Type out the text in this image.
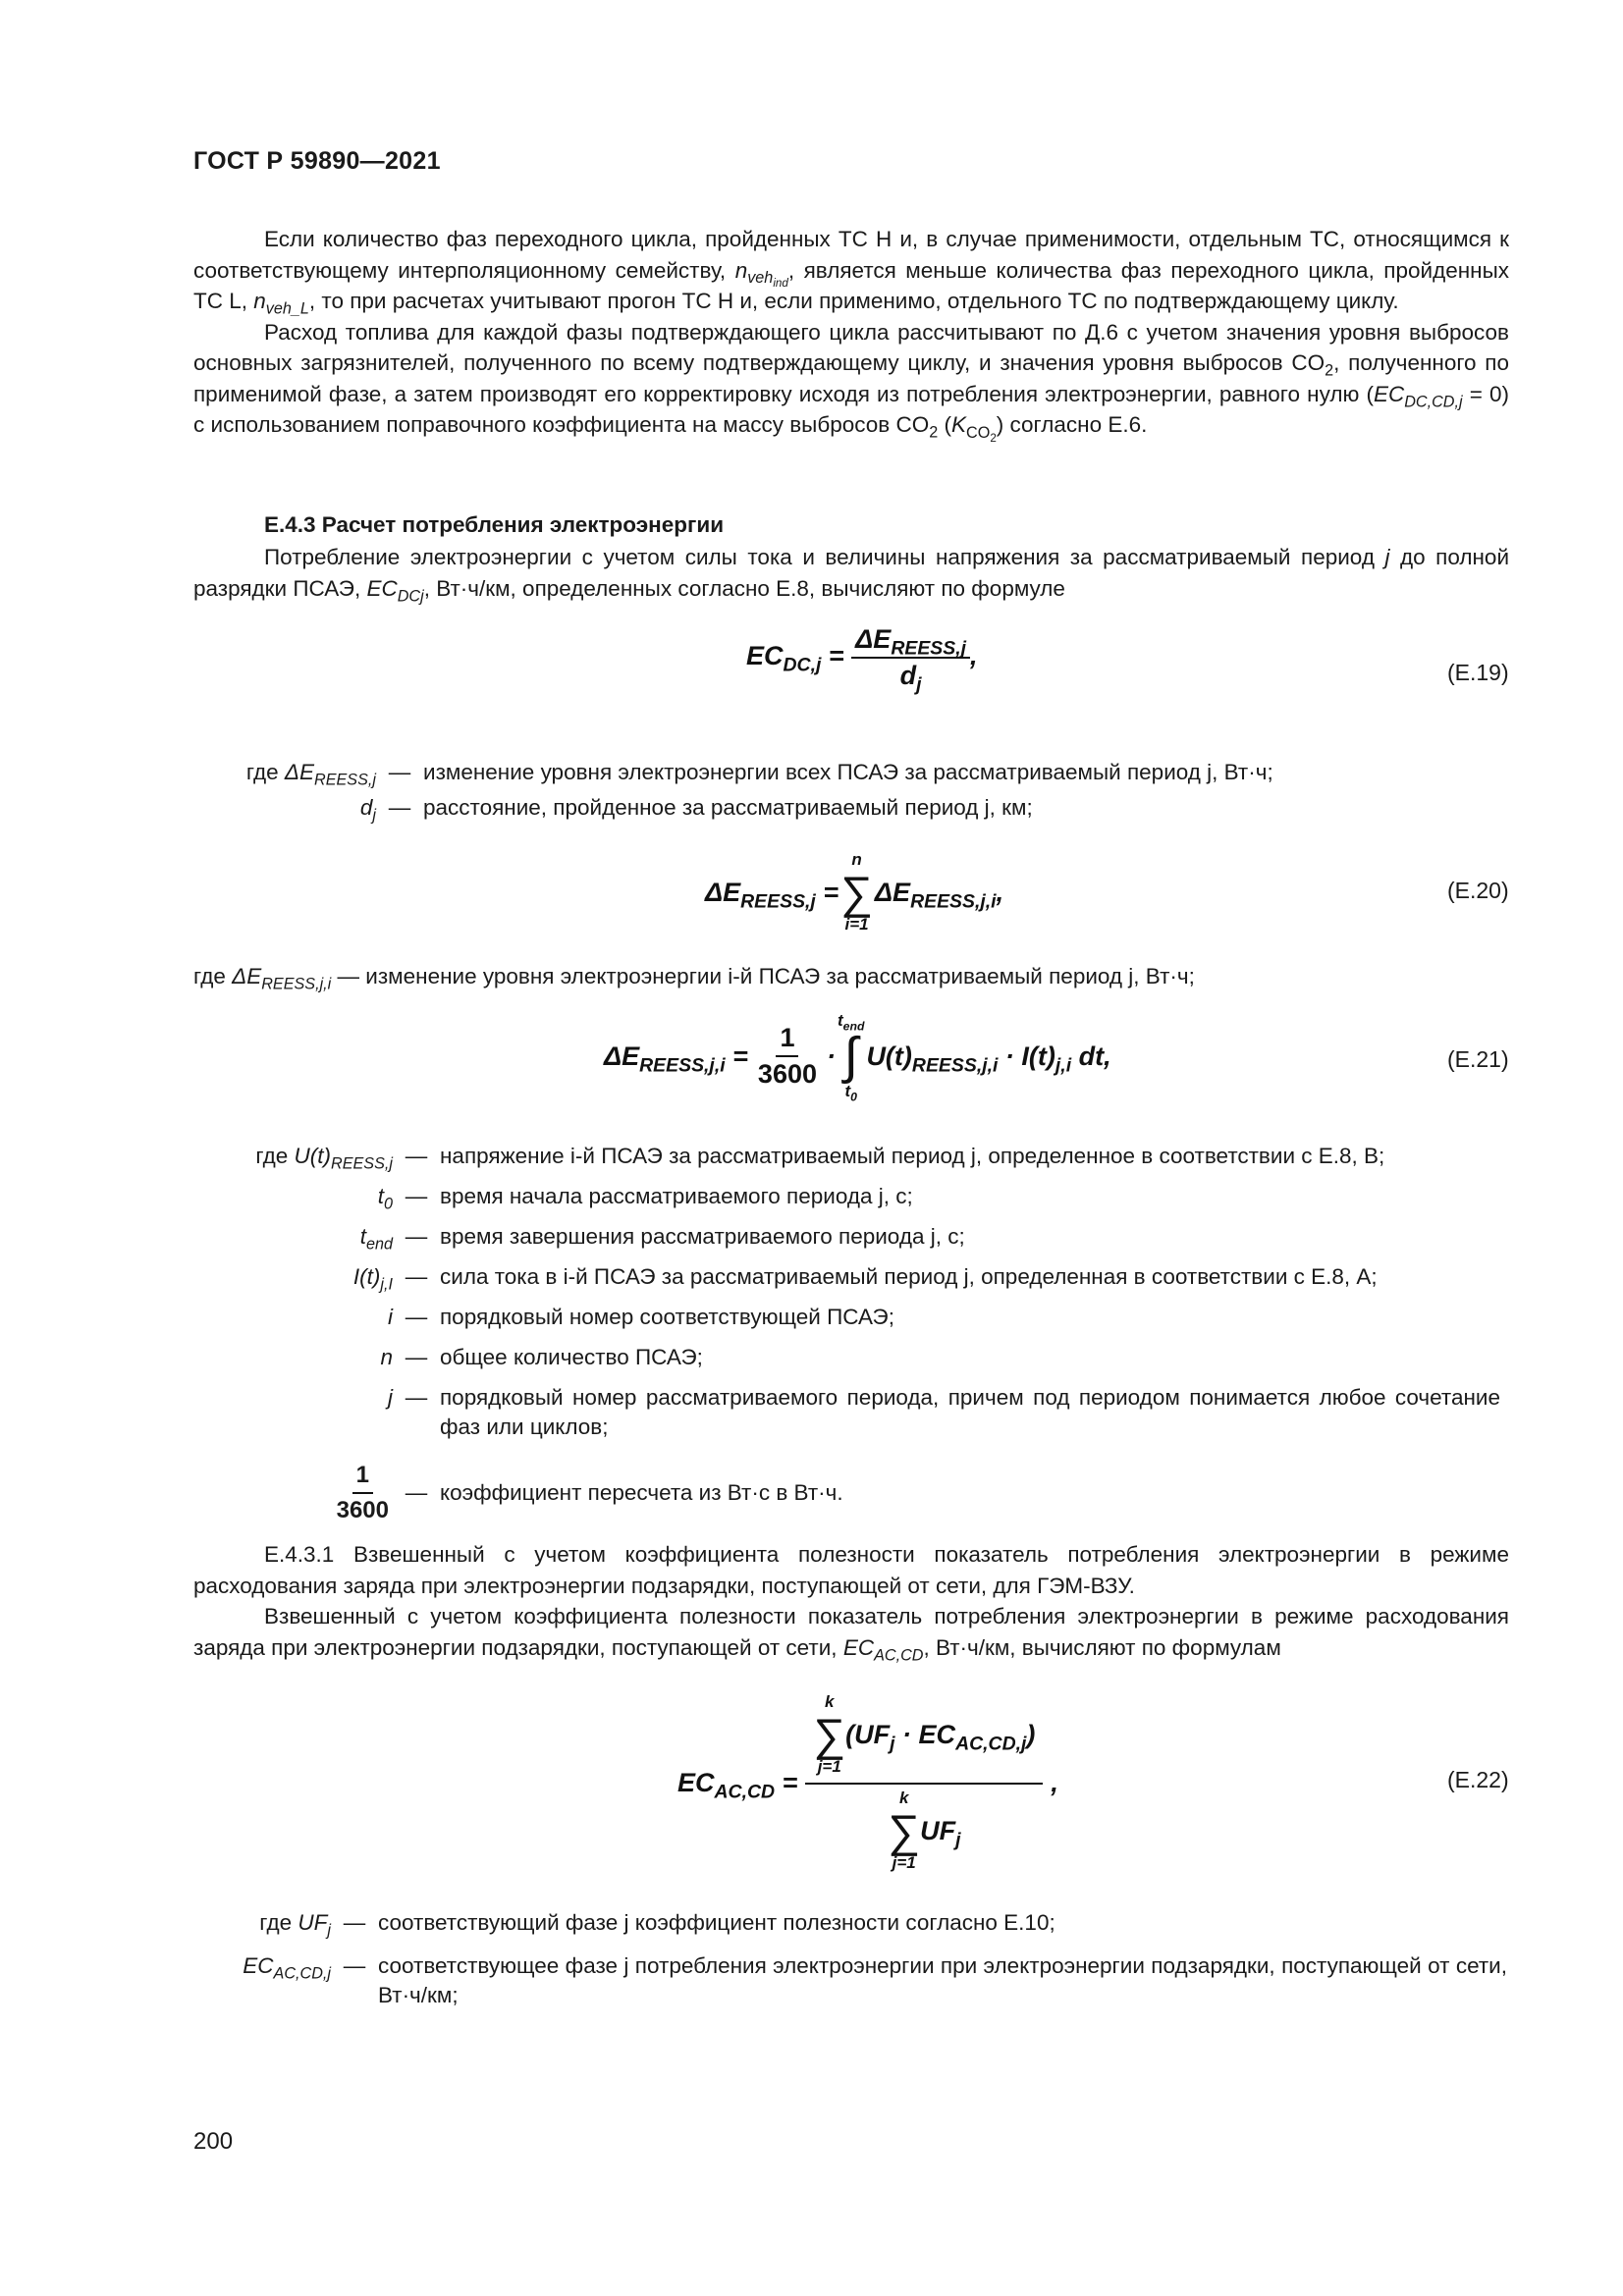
ГОСТ Р 59890—2021

Если количество фаз переходного цикла, пройденных ТС Н и, в случае применимости, отдельным ТС, относящимся к соответствующему интерполяционному семейству, $n_{veh_{ind}}$, является меньше количества фаз переходного цикла, пройденных ТС L, $n_{veh\_L}$, то при расчетах учитывают прогон ТС Н и, если применимо, отдельного ТС по подтверждающему циклу.

Расход топлива для каждой фазы подтверждающего цикла рассчитывают по Д.6 с учетом значения уровня выбросов основных загрязнителей, полученного по всему подтверждающему циклу, и значения уровня выбросов $CO_2$, полученного по применимой фазе, а затем производят его корректировку исходя из потребления электроэнергии, равного нулю $(EC_{DC,CD,j} = 0)$ с использованием поправочного коэффициента на массу выбросов $CO_2$ $(K_{CO_2})$ согласно Е.6.

Е.4.3 Расчет потребления электроэнергии

Потребление электроэнергии с учетом силы тока и величины напряжения за рассматриваемый период j до полной разрядки ПСАЭ, $EC_{DCj}$, Вт·ч/км, определенных согласно Е.8, вычисляют по формуле

$EC_{DC,j} = \frac{\Delta E_{REESS,j}}{d_j}$ ,
(Е.19)
где $\Delta E_{REESS,j}$ — изменение уровня электроэнергии всех ПСАЭ за рассматриваемый период j, Вт·ч;
$d_j$ — расстояние, пройденное за рассматриваемый период j, км;
$\Delta E_{REESS,j}$ =
n
∑
i=1
$\Delta E_{REESS,j,i}$,	(Е.20)
где $\Delta E_{REESS,j,i}$ — изменение уровня электроэнергии i-й ПСАЭ за рассматриваемый период j, Вт·ч;
$\Delta E_{REESS,j,i} = \frac{1}{3600}$ ·
$t_{end}$
∫
$t_0$
$U(t)_{REESS,j,i} \cdot I(t)_{j,i}$ dt,	(Е.21)
где $U(t)_{REESS,j}$ — напряжение i-й ПСАЭ за рассматриваемый период j, определенное в соответствии с Е.8, В;
$t_0$ — время начала рассматриваемого периода j, с;
$t_{end}$ — время завершения рассматриваемого периода j, с;
$I(t)_{j,I}$ — сила тока в i-й ПСАЭ за рассматриваемый период j, определенная в соответствии с Е.8, А;
i — порядковый номер соответствующей ПСАЭ;
n — общее количество ПСАЭ;
j — порядковый номер рассматриваемого периода, причем под периодом понимается любое сочетание фаз или циклов;
$\frac{1}{3600}$ — коэффициент пересчета из Вт·с в Вт·ч.

Е.4.3.1 Взвешенный с учетом коэффициента полезности показатель потребления электроэнергии в режиме расходования заряда при электроэнергии подзарядки, поступающей от сети, для ГЭМ-ВЗУ.

Взвешенный с учетом коэффициента полезности показатель потребления электроэнергии в режиме расходования заряда при электроэнергии подзарядки, поступающей от сети, $EC_{AC,CD}$, Вт·ч/км, вычисляют по формулам

$EC_{AC,CD}$ =
k
∑
j=1
$(UF_j \cdot EC_{AC,CD,j})$
k
∑
j=1
$UF_j$
,	(Е.22)
где $UF_j$ — соответствующий фазе j коэффициент полезности согласно Е.10;
$EC_{AC,CD,j}$ — соответствующее фазе j потребления электроэнергии при электроэнергии подзарядки, поступающей от сети, Вт·ч/км;
200
